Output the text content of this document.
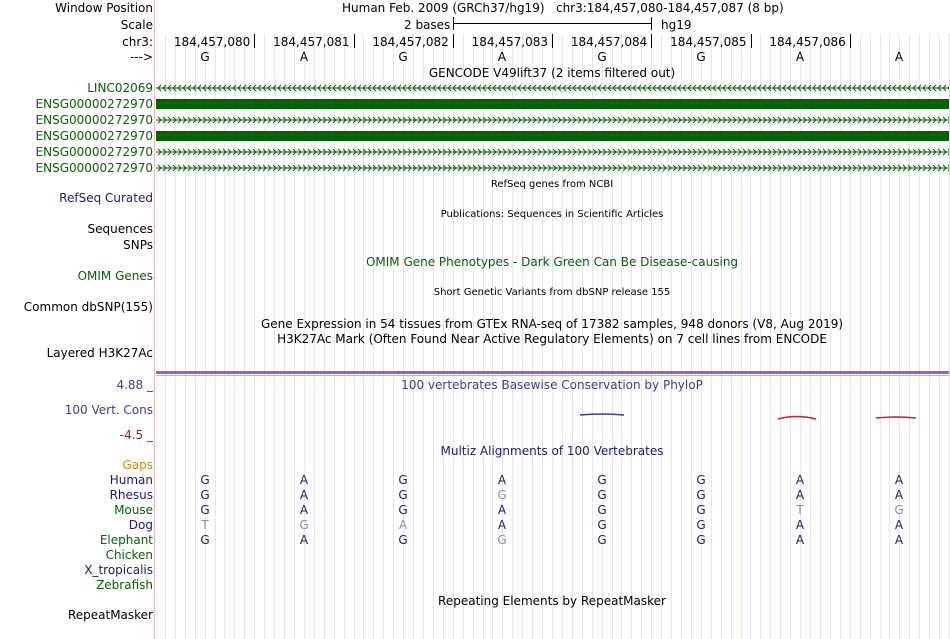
Window Position	Human Feb. 2009 (GRCh37/hg19) chr3:184,457,080-184,457,087 (8 bp)
Scale	2 bases	hg19
chr3: 184,457,080 184,457,081 184,457,082 184,457,083 184,457,084 184,457,085 184,457,086
--->	G	A	G	A	G	G	A	A
GENCODE V49lift37 (2 items filtered out)
LINC02069
ENSG00000272970
ENSG00000272970
ENSG00000272970
ENSG00000272970
ENSG00000272970
RefSeq genes from NCBI
RefSeq Curated
Publications: Sequences in Scientific Articles
Sequences
SNPs
OMIM Gene Phenotypes - Dark Green Can Be Disease-causing
OMIM Genes
Short Genetic Variants from dbSNP release 155
Common dbSNP(155)
Gene Expression in 54 tissues from GTEx RNA-seq of 17382 samples, 948 donors (V8, Aug 2019)
H3K27Ac Mark (Often Found Near Active Regulatory Elements) on 7 cell lines from ENCODE
Layered H3K27Ac
4.88 _	100 vertebrates Basewise Conservation by PhyloP
100 Vert. Cons
-4.5 _
Multiz Alignments of 100 Vertebrates
Gaps
Human	G	A	G	A	G	G	A	A
Rhesus	G	A	G	G	G	G	A	A
Mouse	G	A	G	A	G	G	T	G
Dog	T	G	A	A	G	G	A	A
Elephant	G	A	G	G	G	G	A	A
Chicken
X_tropicalis
Zebrafish
Repeating Elements by RepeatMasker
RepeatMasker
